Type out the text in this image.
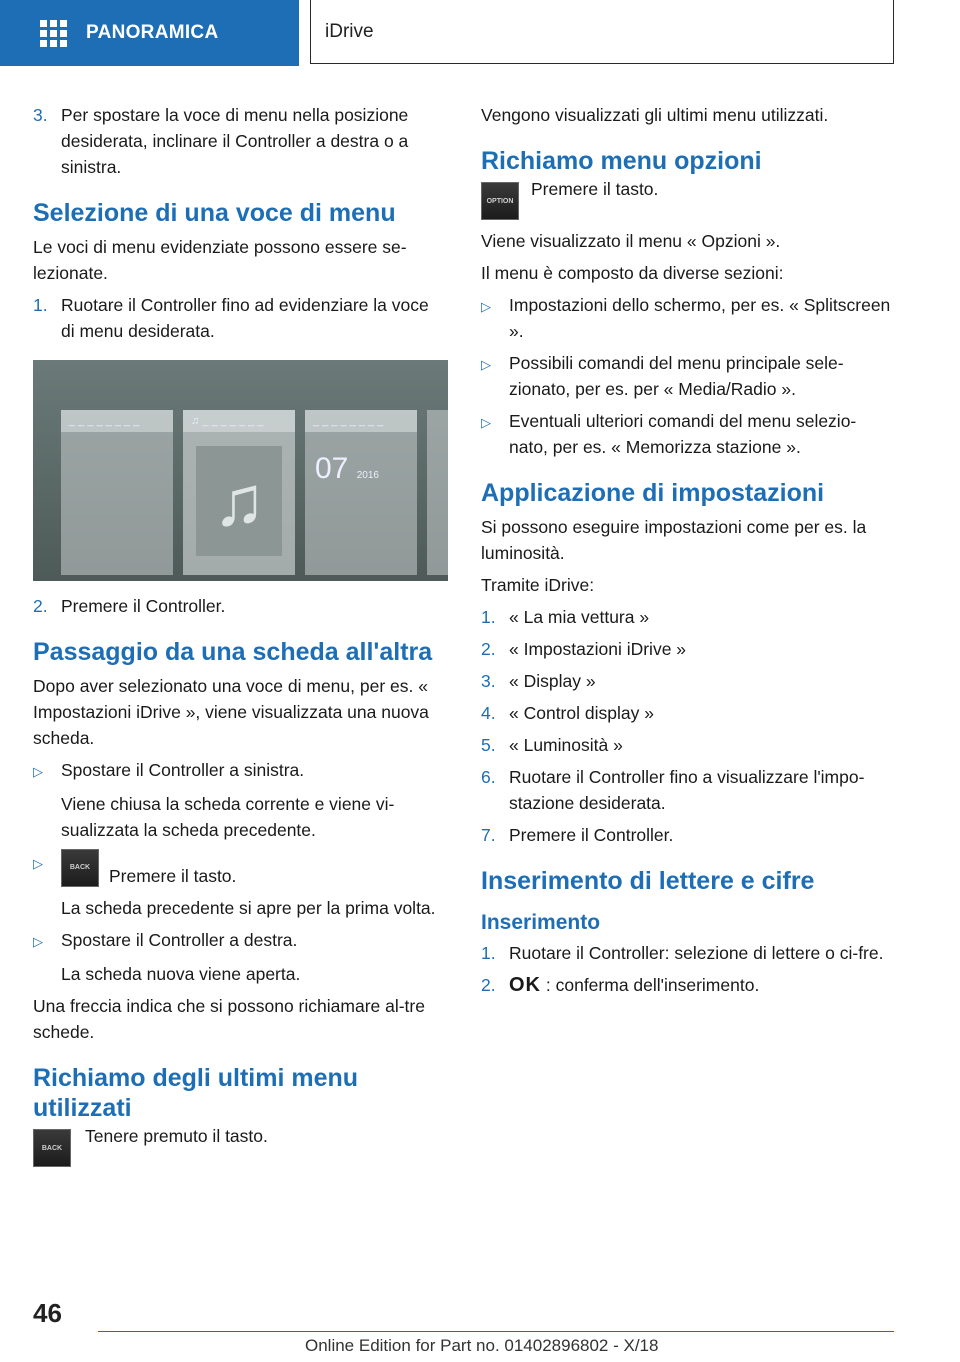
PANORAMICA	iDrive
3. Per spostare la voce di menu nella posizione desiderata, inclinare il Controller a destra o a sinistra.
Selezione di una voce di menu
Le voci di menu evidenziate possono essere se-lezionate.
1. Ruotare il Controller fino ad evidenziare la voce di menu desiderata.
_ _ _ _ _ _ _ _	♫ _ _ _ _ _ _ _
♫
_ _ _ _ _ _ _ _
07 2016
2. Premere il Controller.
Passaggio da una scheda all'altra
Dopo aver selezionato una voce di menu, per es. « Impostazioni iDrive », viene visualizzata una nuova scheda.
▷	Spostare il Controller a sinistra.
Viene chiusa la scheda corrente e viene vi-sualizzata la scheda precedente.
▷	BACK	Premere il tasto.
La scheda precedente si apre per la prima volta.
▷	Spostare il Controller a destra.
La scheda nuova viene aperta.
Una freccia indica che si possono richiamare al-tre schede.
Richiamo degli ultimi menu utilizzati
BACK
Tenere premuto il tasto.
Vengono visualizzati gli ultimi menu utilizzati.
Richiamo menu opzioni
OPTION
Premere il tasto.
Viene visualizzato il menu « Opzioni ».
Il menu è composto da diverse sezioni:
▷	Impostazioni dello schermo, per es. « Splitscreen ».
▷	Possibili comandi del menu principale sele-zionato, per es. per « Media/Radio ».
▷	Eventuali ulteriori comandi del menu selezio-nato, per es. « Memorizza stazione ».
Applicazione di impostazioni
Si possono eseguire impostazioni come per es. la luminosità.
Tramite iDrive:
1. « La mia vettura »
2. « Impostazioni iDrive »
3. « Display »
4. « Control display »
5. « Luminosità »
6. Ruotare il Controller fino a visualizzare l'impo-stazione desiderata.
7. Premere il Controller.
Inserimento di lettere e cifre
Inserimento
1. Ruotare il Controller: selezione di lettere o ci-fre.
2. OK : conferma dell'inserimento.
46
Online Edition for Part no. 01402896802 - X/18
